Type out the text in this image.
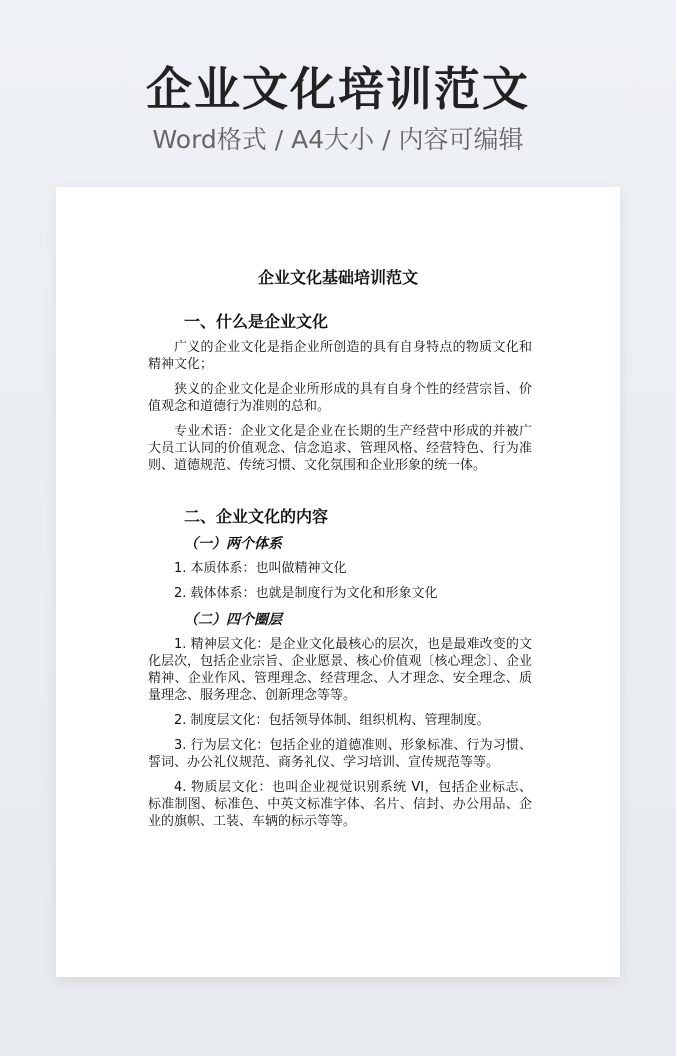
企业文化培训范文
Word格式 / A4大小 / 内容可编辑
企业文化基础培训范文
一、什么是企业文化
广义的企业文化是指企业所创造的具有自身特点的物质文化和精神文化；
狭义的企业文化是企业所形成的具有自身个性的经营宗旨、价值观念和道德行为准则的总和。
专业术语：企业文化是企业在长期的生产经营中形成的并被广大员工认同的价值观念、信念追求、管理风格、经营特色、行为准则、道德规范、传统习惯、文化氛围和企业形象的统一体。
二、企业文化的内容
（一）两个体系
1. 本质体系：也叫做精神文化
2. 载体体系：也就是制度行为文化和形象文化
（二）四个圈层
1. 精神层文化：是企业文化最核心的层次，也是最难改变的文化层次，包括企业宗旨、企业愿景、核心价值观〔核心理念〕、企业精神、企业作风、管理理念、经营理念、人才理念、安全理念、质量理念、服务理念、创新理念等等。
2. 制度层文化：包括领导体制、组织机构、管理制度。
3. 行为层文化：包括企业的道德准则、形象标准、行为习惯、誓词、办公礼仪规范、商务礼仪、学习培训、宣传规范等等。
4. 物质层文化：也叫企业视觉识别系统 VI，包括企业标志、标准制图、标准色、中英文标准字体、名片、信封、办公用品、企业的旗帜、工装、车辆的标示等等。
